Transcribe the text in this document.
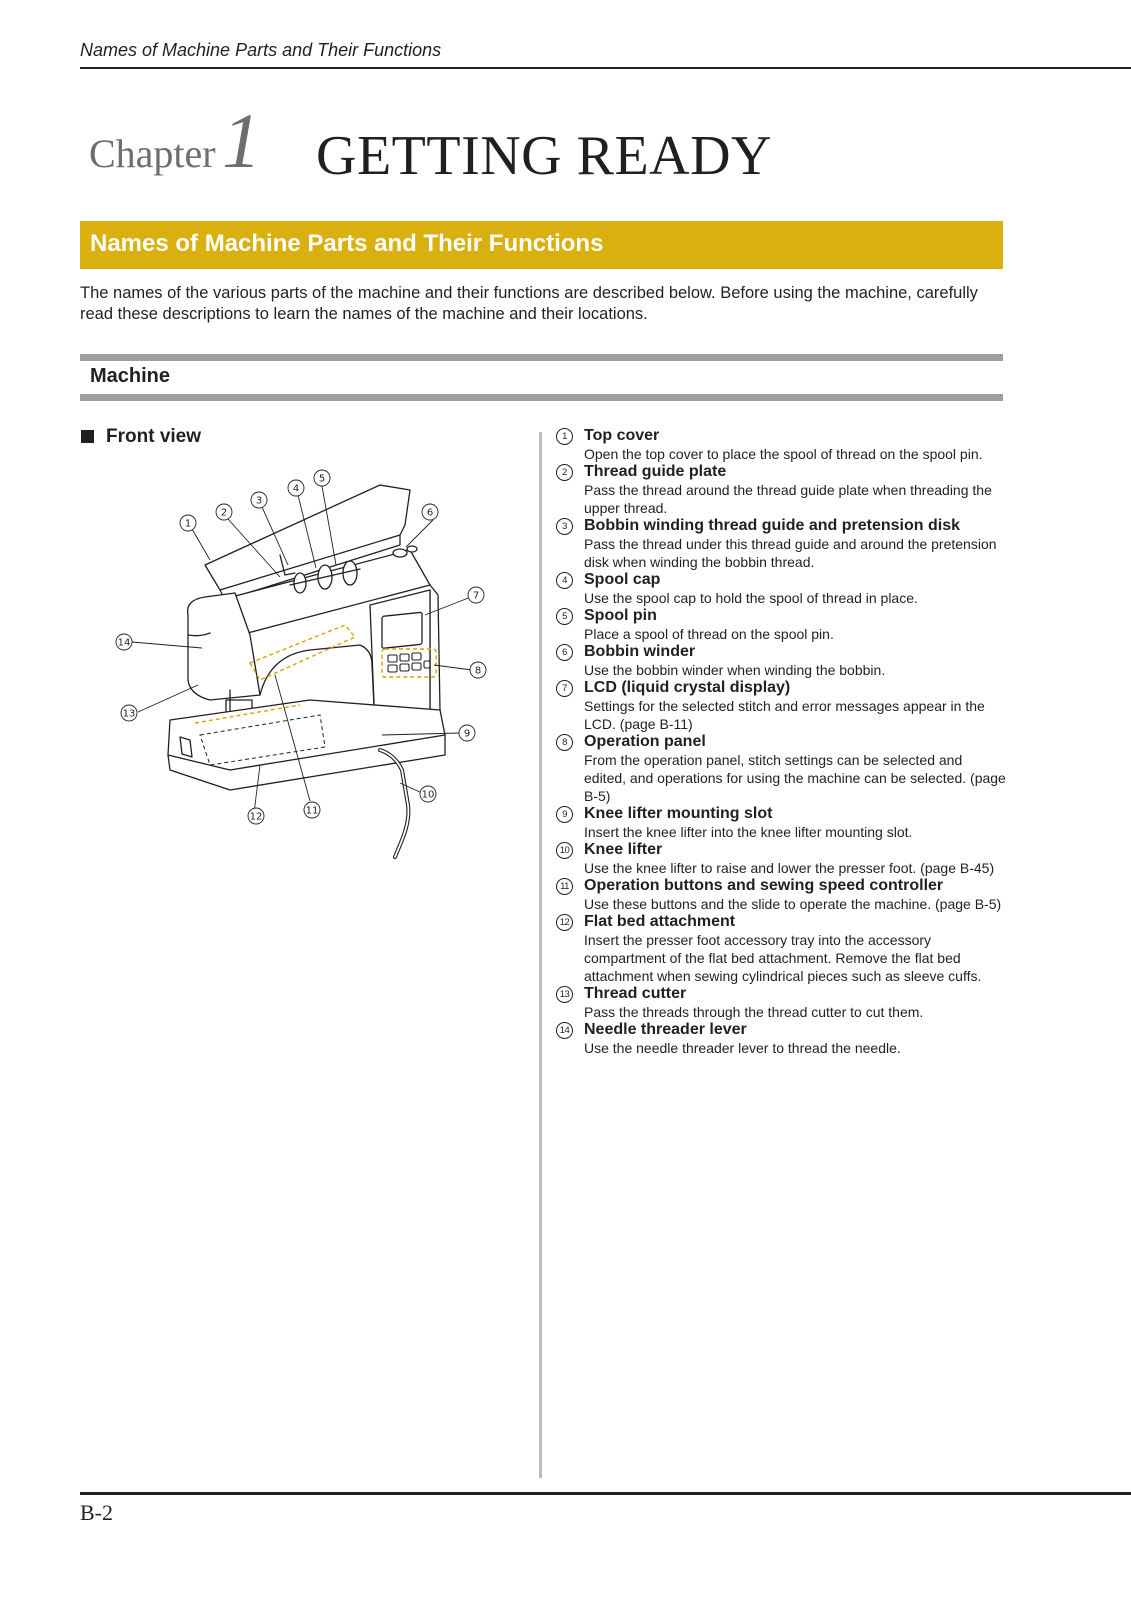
Names of Machine Parts and Their Functions
Chapter 1 GETTING READY
Names of Machine Parts and Their Functions
The names of the various parts of the machine and their functions are described below. Before using the machine, carefully read these descriptions to learn the names of the machine and their locations.
Machine
Front view
1
2
3
4
5
6
7
8
9
10
11
12
13
14
1	Top cover
Open the top cover to place the spool of thread on the spool pin.
2	Thread guide plate
Pass the thread around the thread guide plate when threading the upper thread.
3	Bobbin winding thread guide and pretension disk
Pass the thread under this thread guide and around the pretension disk when winding the bobbin thread.
4	Spool cap
Use the spool cap to hold the spool of thread in place.
5	Spool pin
Place a spool of thread on the spool pin.
6	Bobbin winder
Use the bobbin winder when winding the bobbin.
7	LCD (liquid crystal display)
Settings for the selected stitch and error messages appear in the LCD. (page B-11)
8	Operation panel
From the operation panel, stitch settings can be selected and edited, and operations for using the machine can be selected. (page B-5)
9	Knee lifter mounting slot
Insert the knee lifter into the knee lifter mounting slot.
10 Knee lifter
Use the knee lifter to raise and lower the presser foot. (page B-45)
11 Operation buttons and sewing speed controller
Use these buttons and the slide to operate the machine. (page B-5)
12 Flat bed attachment
Insert the presser foot accessory tray into the accessory compartment of the flat bed attachment. Remove the flat bed attachment when sewing cylindrical pieces such as sleeve cuffs.
13 Thread cutter
Pass the threads through the thread cutter to cut them.
14 Needle threader lever
Use the needle threader lever to thread the needle.
B-2
